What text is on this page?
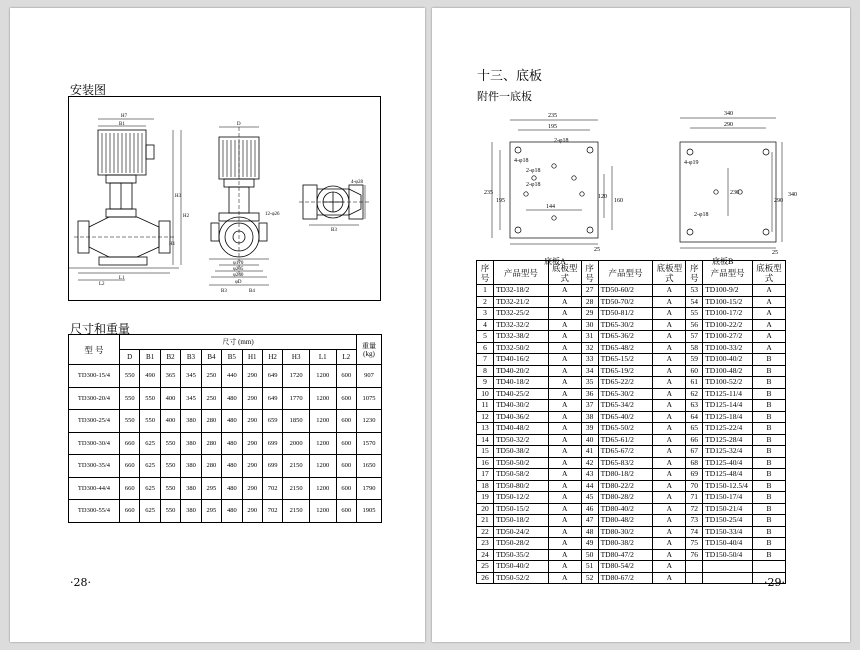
安装图
H7
B1
H3
H2
H1
L1
L2
D
12-φ26
φ170
φ205
φ240
φD
B3	B4
4-φ28
B3
尺寸和重量
型 号	尺寸 (mm)											重量
(kg)
	D	B1	B2	B3	B4	B5	H1	H2	H3	L1	L2	
TD300-15/4	550	490	365	345	250	440	290	649	1720	1200	600	907
TD300-20/4	550	550	400	345	250	480	290	649	1770	1200	600	1075
TD300-25/4	550	550	400	380	280	480	290	659	1850	1200	600	1230
TD300-30/4	660	625	550	380	280	480	290	699	2000	1200	600	1570
TD300-35/4	660	625	550	380	280	480	290	699	2150	1200	600	1650
TD300-44/4	660	625	550	380	295	480	290	702	2150	1200	600	1790
TD300-55/4	660	625	550	380	295	480	290	702	2150	1200	600	1905
·28·
十三、底板
附件一底板
235
195
235
195
120
160
144
4-φ18
2-φ18
2-φ18
2-φ18
25
340
290
340
290
230
4-φ19
2-φ18
25
底板A	底板B
序号	产品型号	底板型式	序号	产品型号	底板型式	序号	产品型号	底板型式
1	TD32-18/2	A	27	TD50-60/2	A	53	TD100-9/2	A
2	TD32-21/2	A	28	TD50-70/2	A	54	TD100-15/2	A
3	TD32-25/2	A	29	TD50-81/2	A	55	TD100-17/2	A
4	TD32-32/2	A	30	TD65-30/2	A	56	TD100-22/2	A
5	TD32-38/2	A	31	TD65-36/2	A	57	TD100-27/2	A
6	TD32-50/2	A	32	TD65-48/2	A	58	TD100-33/2	A
7	TD40-16/2	A	33	TD65-15/2	A	59	TD100-40/2	B
8	TD40-20/2	A	34	TD65-19/2	A	60	TD100-48/2	B
9	TD40-18/2	A	35	TD65-22/2	A	61	TD100-52/2	B
10	TD40-25/2	A	36	TD65-30/2	A	62	TD125-11/4	B
11	TD40-30/2	A	37	TD65-34/2	A	63	TD125-14/4	B
12	TD40-36/2	A	38	TD65-40/2	A	64	TD125-18/4	B
13	TD40-48/2	A	39	TD65-50/2	A	65	TD125-22/4	B
14	TD50-32/2	A	40	TD65-61/2	A	66	TD125-28/4	B
15	TD50-38/2	A	41	TD65-67/2	A	67	TD125-32/4	B
16	TD50-50/2	A	42	TD65-83/2	A	68	TD125-40/4	B
17	TD50-58/2	A	43	TD80-18/2	A	69	TD125-48/4	B
18	TD50-80/2	A	44	TD80-22/2	A	70	TD150-12.5/4	B
19	TD50-12/2	A	45	TD80-28/2	A	71	TD150-17/4	B
20	TD50-15/2	A	46	TD80-40/2	A	72	TD150-21/4	B
21	TD50-18/2	A	47	TD80-48/2	A	73	TD150-25/4	B
22	TD50-24/2	A	48	TD80-30/2	A	74	TD150-33/4	B
23	TD50-28/2	A	49	TD80-38/2	A	75	TD150-40/4	B
24	TD50-35/2	A	50	TD80-47/2	A	76	TD150-50/4	B
25	TD50-40/2	A	51	TD80-54/2	A			
26	TD50-52/2	A	52	TD80-67/2	A				·29·
